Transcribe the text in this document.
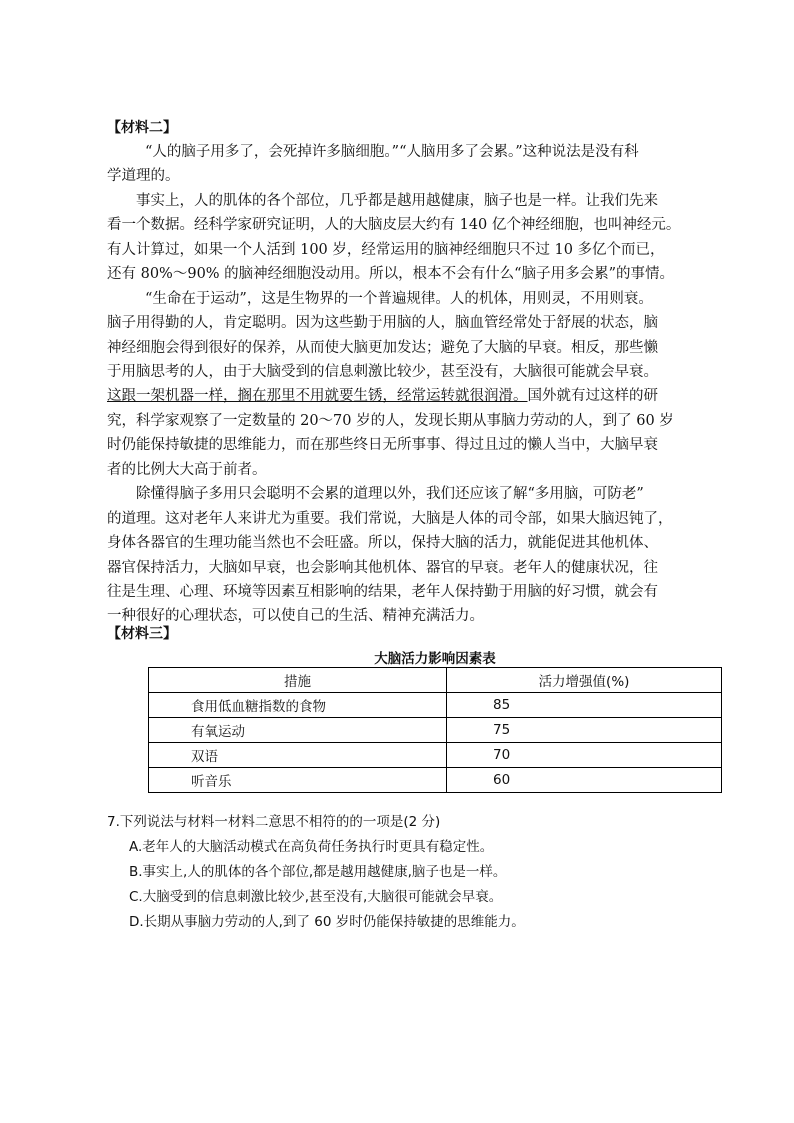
【材料二】
“人的脑子用多了，会死掉许多脑细胞。”“人脑用多了会累。”这种说法是没有科
学道理的。
事实上，人的肌体的各个部位，几乎都是越用越健康，脑子也是一样。让我们先来
看一个数据。经科学家研究证明，人的大脑皮层大约有 140 亿个神经细胞，也叫神经元。
有人计算过，如果一个人活到 100 岁，经常运用的脑神经细胞只不过 10 多亿个而已，
还有 80%～90% 的脑神经细胞没动用。所以，根本不会有什么“脑子用多会累”的事情。
“生命在于运动”，这是生物界的一个普遍规律。人的机体，用则灵，不用则衰。
脑子用得勤的人，肯定聪明。因为这些勤于用脑的人，脑血管经常处于舒展的状态，脑
神经细胞会得到很好的保养，从而使大脑更加发达；避免了大脑的早衰。相反，那些懒
于用脑思考的人，由于大脑受到的信息刺激比较少，甚至没有，大脑很可能就会早衰。
这跟一架机器一样，搁在那里不用就要生锈，经常运转就很润滑。国外就有过这样的研
究，科学家观察了一定数量的 20～70 岁的人，发现长期从事脑力劳动的人，到了 60 岁
时仍能保持敏捷的思维能力，而在那些终日无所事事、得过且过的懒人当中，大脑早衰
者的比例大大高于前者。
除懂得脑子多用只会聪明不会累的道理以外，我们还应该了解“多用脑，可防老”
的道理。这对老年人来讲尤为重要。我们常说，大脑是人体的司令部，如果大脑迟钝了，
身体各器官的生理功能当然也不会旺盛。所以，保持大脑的活力，就能促进其他机体、
器官保持活力，大脑如早衰，也会影响其他机体、器官的早衰。老年人的健康状况，往
往是生理、心理、环境等因素互相影响的结果，老年人保持勤于用脑的好习惯，就会有
一种很好的心理状态，可以使自己的生活、精神充满活力。
【材料三】
大脑活力影响因素表
措施	活力增强值(%)
食用低血糖指数的食物	85
有氧运动	75
双语	70
听音乐	60
7.下列说法与材料一材料二意思不相符的的一项是(2 分)
A.老年人的大脑活动模式在高负荷任务执行时更具有稳定性。
B.事实上,人的肌体的各个部位,都是越用越健康,脑子也是一样。
C.大脑受到的信息刺激比较少,甚至没有,大脑很可能就会早衰。
D.长期从事脑力劳动的人,到了 60 岁时仍能保持敏捷的思维能力。
